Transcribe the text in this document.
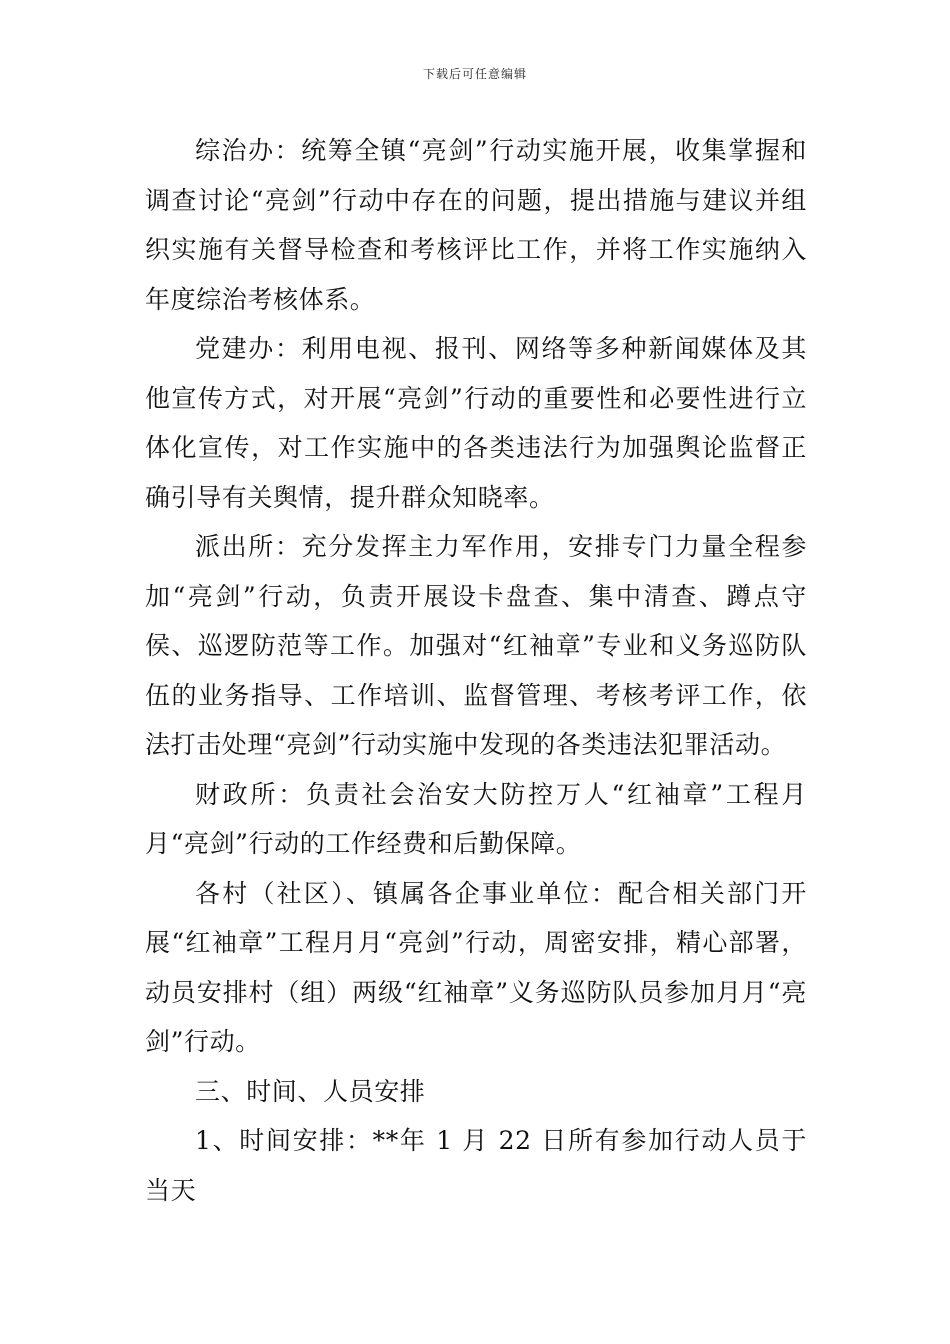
下载后可任意编辑

综治办：统筹全镇“亮剑”行动实施开展，收集掌握和调查讨论“亮剑”行动中存在的问题，提出措施与建议并组织实施有关督导检查和考核评比工作，并将工作实施纳入年度综治考核体系。

党建办：利用电视、报刊、网络等多种新闻媒体及其他宣传方式，对开展“亮剑”行动的重要性和必要性进行立体化宣传，对工作实施中的各类违法行为加强舆论监督正确引导有关舆情，提升群众知晓率。

派出所：充分发挥主力军作用，安排专门力量全程参加“亮剑”行动，负责开展设卡盘查、集中清查、蹲点守侯、巡逻防范等工作。加强对“红袖章”专业和义务巡防队伍的业务指导、工作培训、监督管理、考核考评工作，依法打击处理“亮剑”行动实施中发现的各类违法犯罪活动。

财政所：负责社会治安大防控万人“红袖章”工程月月“亮剑”行动的工作经费和后勤保障。

各村（社区）、镇属各企事业单位：配合相关部门开展“红袖章”工程月月“亮剑”行动，周密安排，精心部署，动员安排村（组）两级“红袖章”义务巡防队员参加月月“亮剑”行动。

三、时间、人员安排

1、时间安排：**年 1 月 22 日所有参加行动人员于当天
